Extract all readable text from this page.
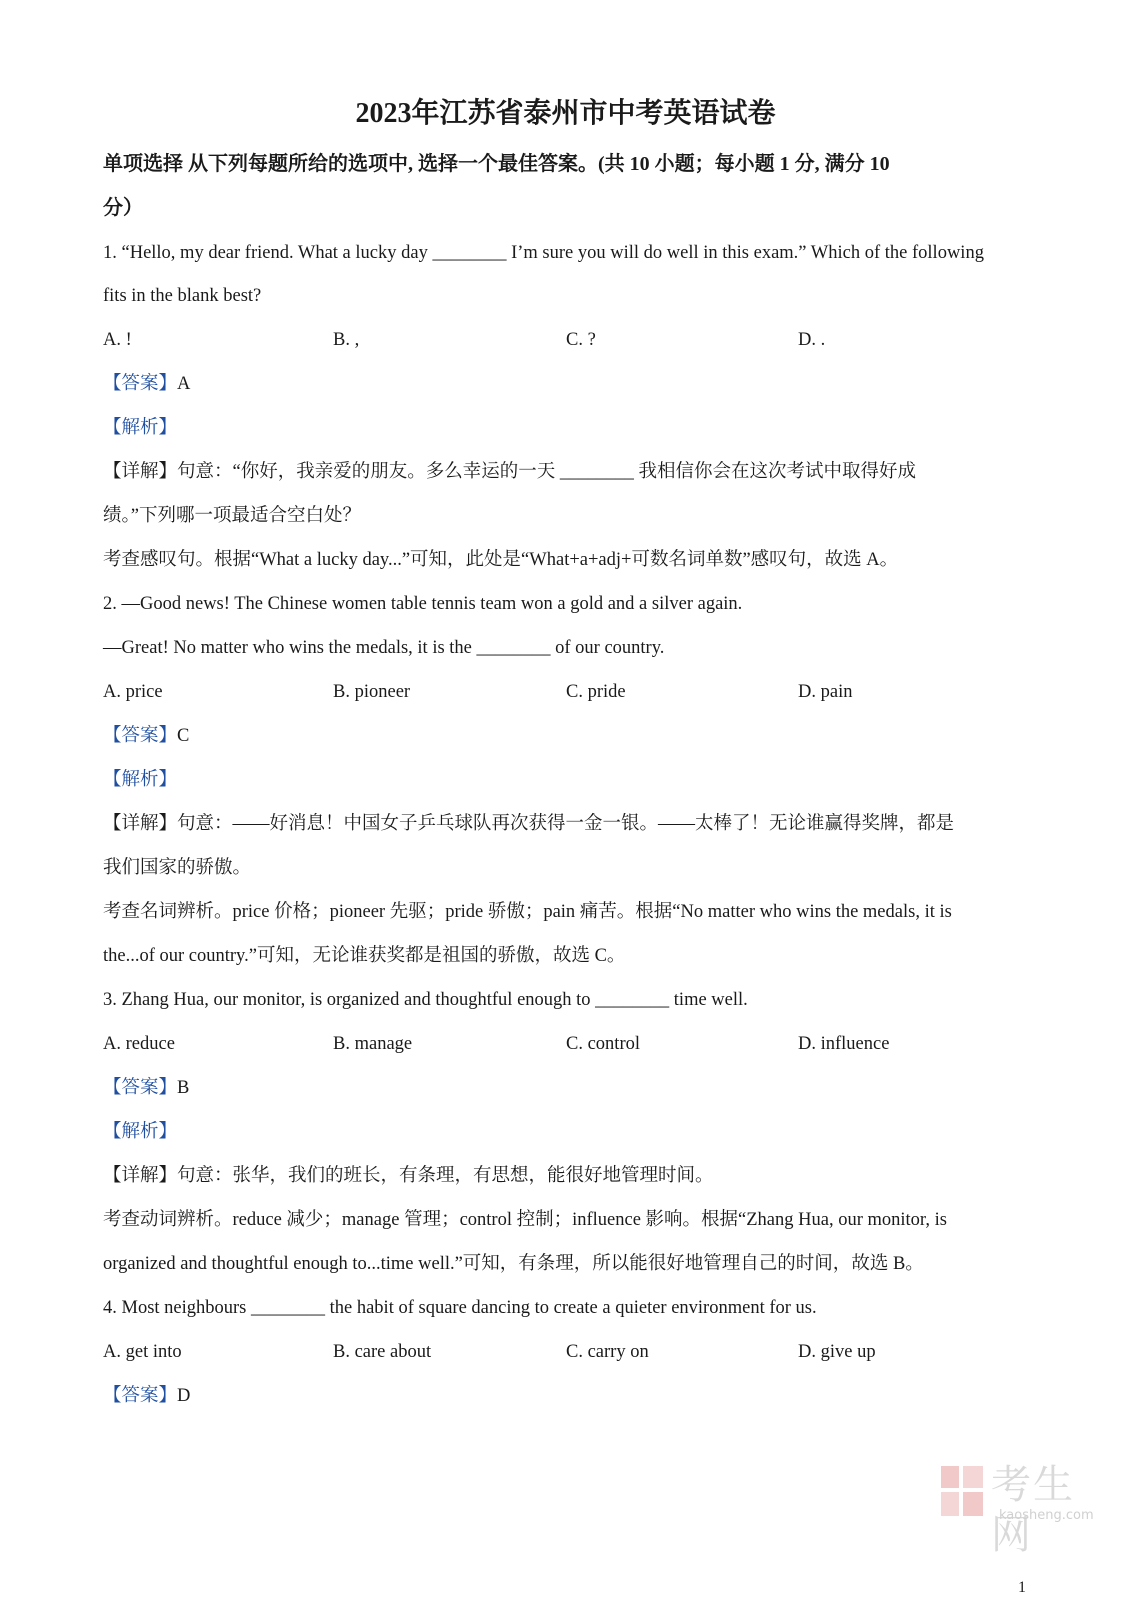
2023年江苏省泰州市中考英语试卷
单项选择 从下列每题所给的选项中, 选择一个最佳答案。(共 10 小题；每小题 1 分, 满分 10
分）
1. “Hello, my dear friend. What a lucky day ________ I’m sure you will do well in this exam.” Which of the following
fits in the blank best?
A. !	B. ,	C. ?	D. .
【答案】A
【解析】
【详解】句意：“你好，我亲爱的朋友。多么幸运的一天 ________ 我相信你会在这次考试中取得好成
绩。”下列哪一项最适合空白处？
考查感叹句。根据“What a lucky day...”可知，此处是“What+a+adj+可数名词单数”感叹句，故选 A。
2. —Good news! The Chinese women table tennis team won a gold and a silver again.
—Great! No matter who wins the medals, it is the ________ of our country.
A. price	B. pioneer	C. pride	D. pain
【答案】C
【解析】
【详解】句意：——好消息！中国女子乒乓球队再次获得一金一银。——太棒了！无论谁赢得奖牌，都是
我们国家的骄傲。
考查名词辨析。price 价格；pioneer 先驱；pride 骄傲；pain 痛苦。根据“No matter who wins the medals, it is
the...of our country.”可知，无论谁获奖都是祖国的骄傲，故选 C。
3. Zhang Hua, our monitor, is organized and thoughtful enough to ________ time well.
A. reduce	B. manage	C. control	D. influence
【答案】B
【解析】
【详解】句意：张华，我们的班长，有条理，有思想，能很好地管理时间。
考查动词辨析。reduce 减少；manage 管理；control 控制；influence 影响。根据“Zhang Hua, our monitor, is
organized and thoughtful enough to...time well.”可知，有条理，所以能很好地管理自己的时间，故选 B。
4. Most neighbours ________ the habit of square dancing to create a quieter environment for us.
A. get into	B. care about	C. carry on	D. give up
【答案】D
考生网
kaosheng.com
1
